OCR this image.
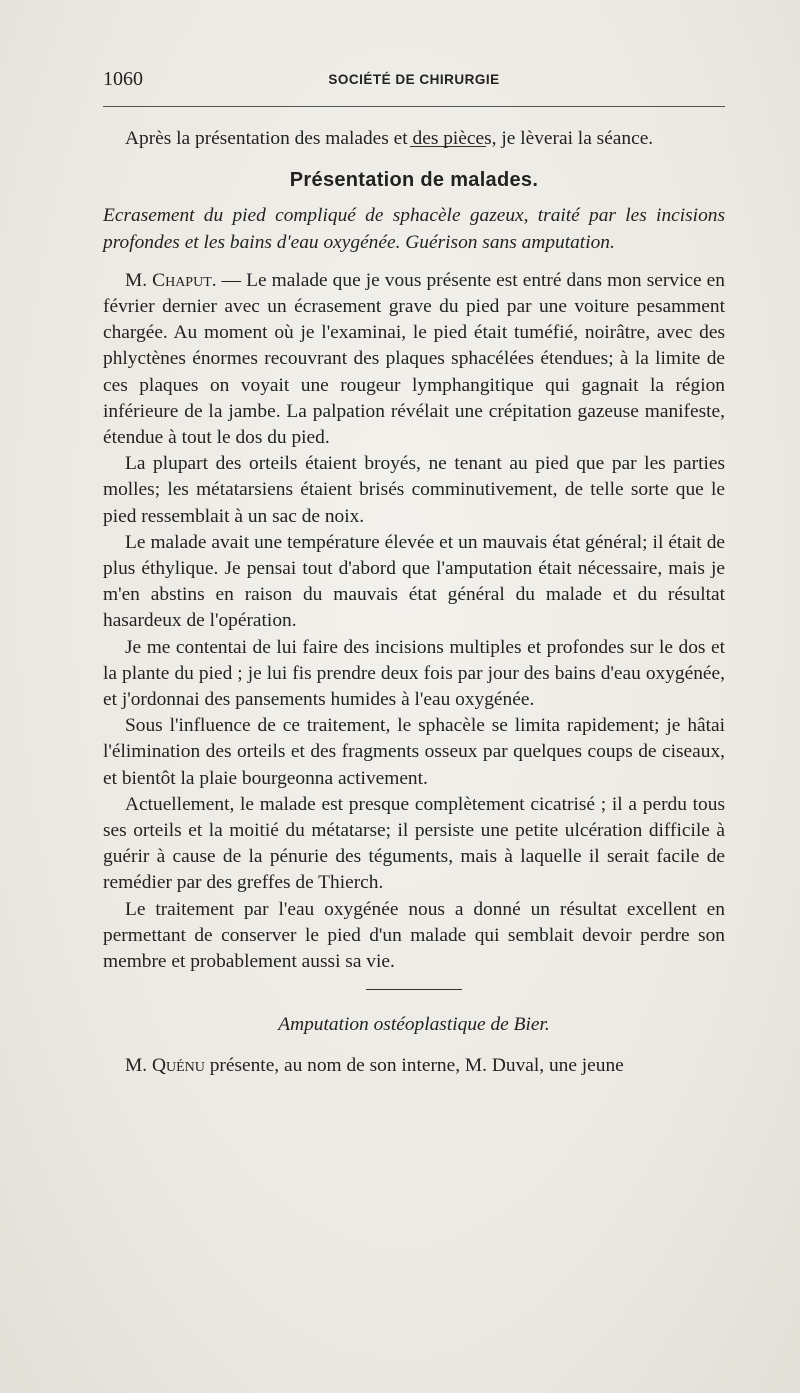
1060	SOCIÉTÉ DE CHIRURGIE

Après la présentation des malades et des pièces, je lèverai la séance.

Présentation de malades.
Ecrasement du pied compliqué de sphacèle gazeux, traité par les incisions profondes et les bains d'eau oxygénée. Guérison sans amputation.

M. Chaput. — Le malade que je vous présente est entré dans mon service en février dernier avec un écrasement grave du pied par une voiture pesamment chargée. Au moment où je l'examinai, le pied était tuméfié, noirâtre, avec des phlyctènes énormes recouvrant des plaques sphacélées étendues; à la limite de ces plaques on voyait une rougeur lymphangitique qui gagnait la région inférieure de la jambe. La palpation révélait une crépitation gazeuse manifeste, étendue à tout le dos du pied.

La plupart des orteils étaient broyés, ne tenant au pied que par les parties molles; les métatarsiens étaient brisés comminutivement, de telle sorte que le pied ressemblait à un sac de noix.

Le malade avait une température élevée et un mauvais état général; il était de plus éthylique. Je pensai tout d'abord que l'amputation était nécessaire, mais je m'en abstins en raison du mauvais état général du malade et du résultat hasardeux de l'opération.

Je me contentai de lui faire des incisions multiples et profondes sur le dos et la plante du pied ; je lui fis prendre deux fois par jour des bains d'eau oxygénée, et j'ordonnai des pansements humides à l'eau oxygénée.

Sous l'influence de ce traitement, le sphacèle se limita rapidement; je hâtai l'élimination des orteils et des fragments osseux par quelques coups de ciseaux, et bientôt la plaie bourgeonna activement.

Actuellement, le malade est presque complètement cicatrisé ; il a perdu tous ses orteils et la moitié du métatarse; il persiste une petite ulcération difficile à guérir à cause de la pénurie des téguments, mais à laquelle il serait facile de remédier par des greffes de Thierch.

Le traitement par l'eau oxygénée nous a donné un résultat excellent en permettant de conserver le pied d'un malade qui semblait devoir perdre son membre et probablement aussi sa vie.

Amputation ostéoplastique de Bier.

M. Quénu présente, au nom de son interne, M. Duval, une jeune
